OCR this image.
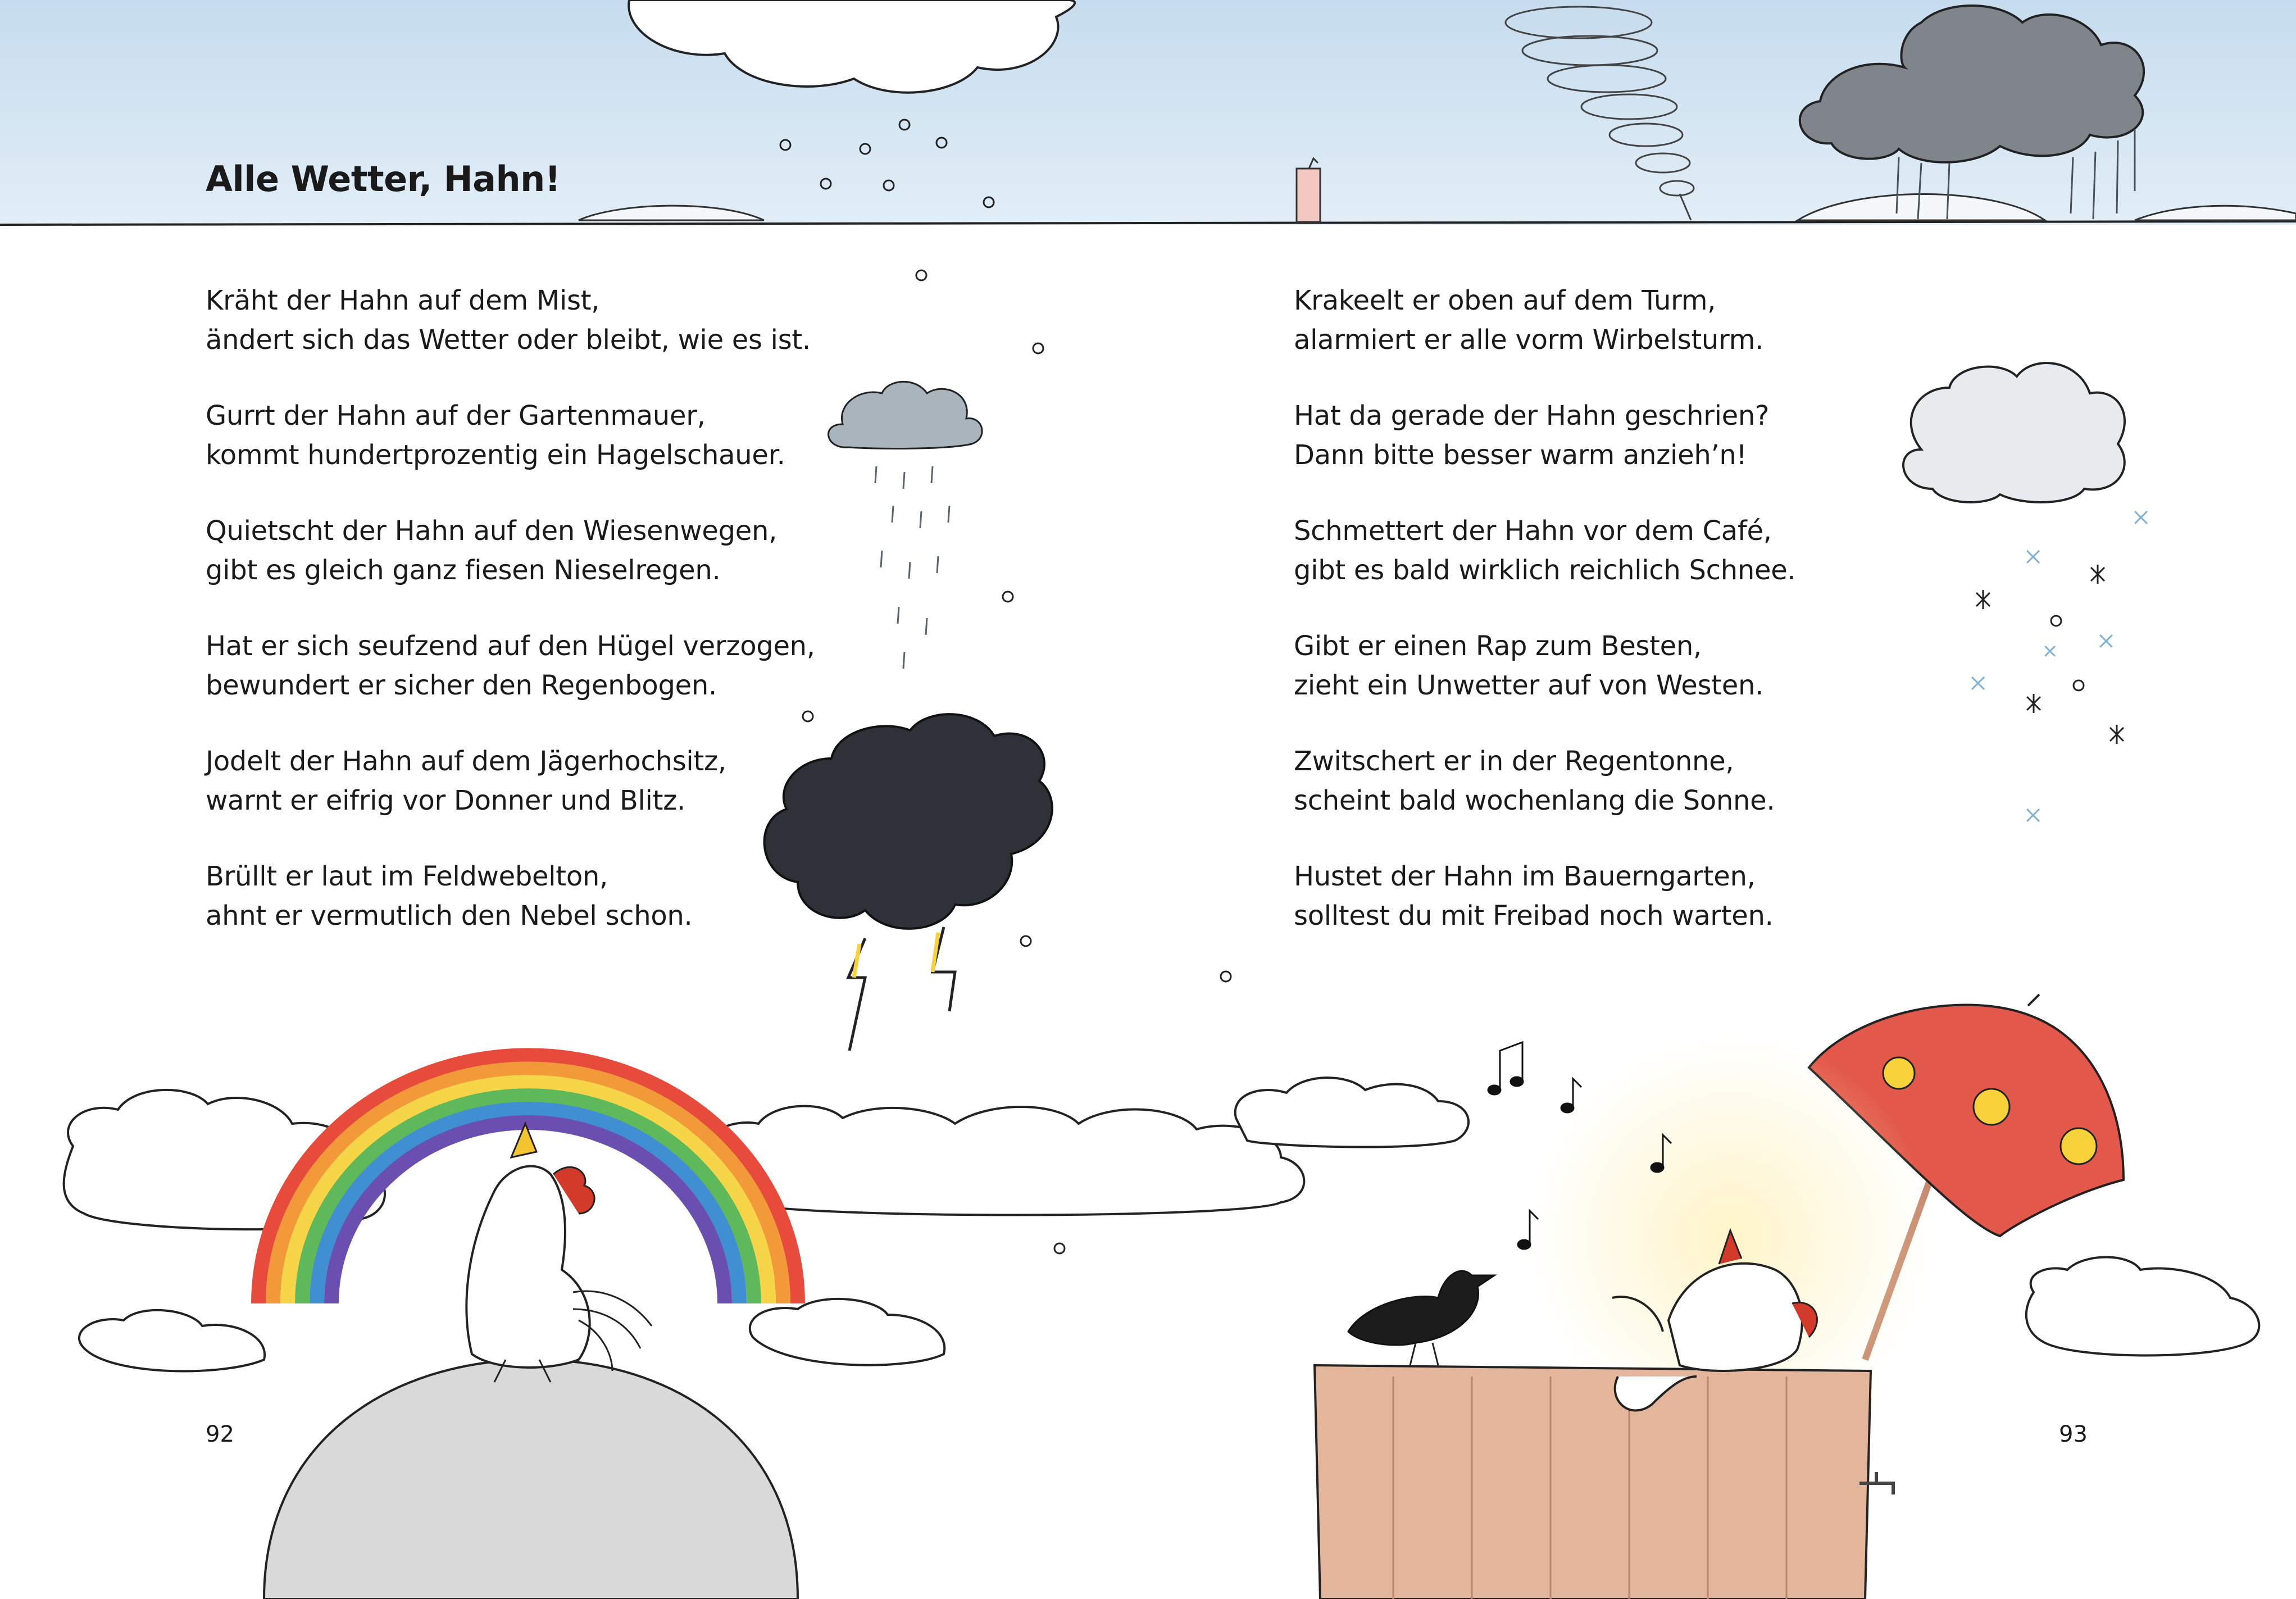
Alle Wetter, Hahn!
Kräht der Hahn auf dem Mist,
ändert sich das Wetter oder bleibt, wie es ist.
Gurrt der Hahn auf der Gartenmauer,
kommt hundertprozentig ein Hagelschauer.
Quietscht der Hahn auf den Wiesenwegen,
gibt es gleich ganz fiesen Nieselregen.
Hat er sich seufzend auf den Hügel verzogen,
bewundert er sicher den Regenbogen.
Jodelt der Hahn auf dem Jägerhochsitz,
warnt er eifrig vor Donner und Blitz.
Brüllt er laut im Feldwebelton,
ahnt er vermutlich den Nebel schon.
Krakeelt er oben auf dem Turm,
alarmiert er alle vorm Wirbelsturm.
Hat da gerade der Hahn geschrien?
Dann bitte besser warm anzieh’n!
Schmettert der Hahn vor dem Café,
gibt es bald wirklich reichlich Schnee.
Gibt er einen Rap zum Besten,
zieht ein Unwetter auf von Westen.
Zwitschert er in der Regentonne,
scheint bald wochenlang die Sonne.
Hustet der Hahn im Bauerngarten,
solltest du mit Freibad noch warten.
92	93
